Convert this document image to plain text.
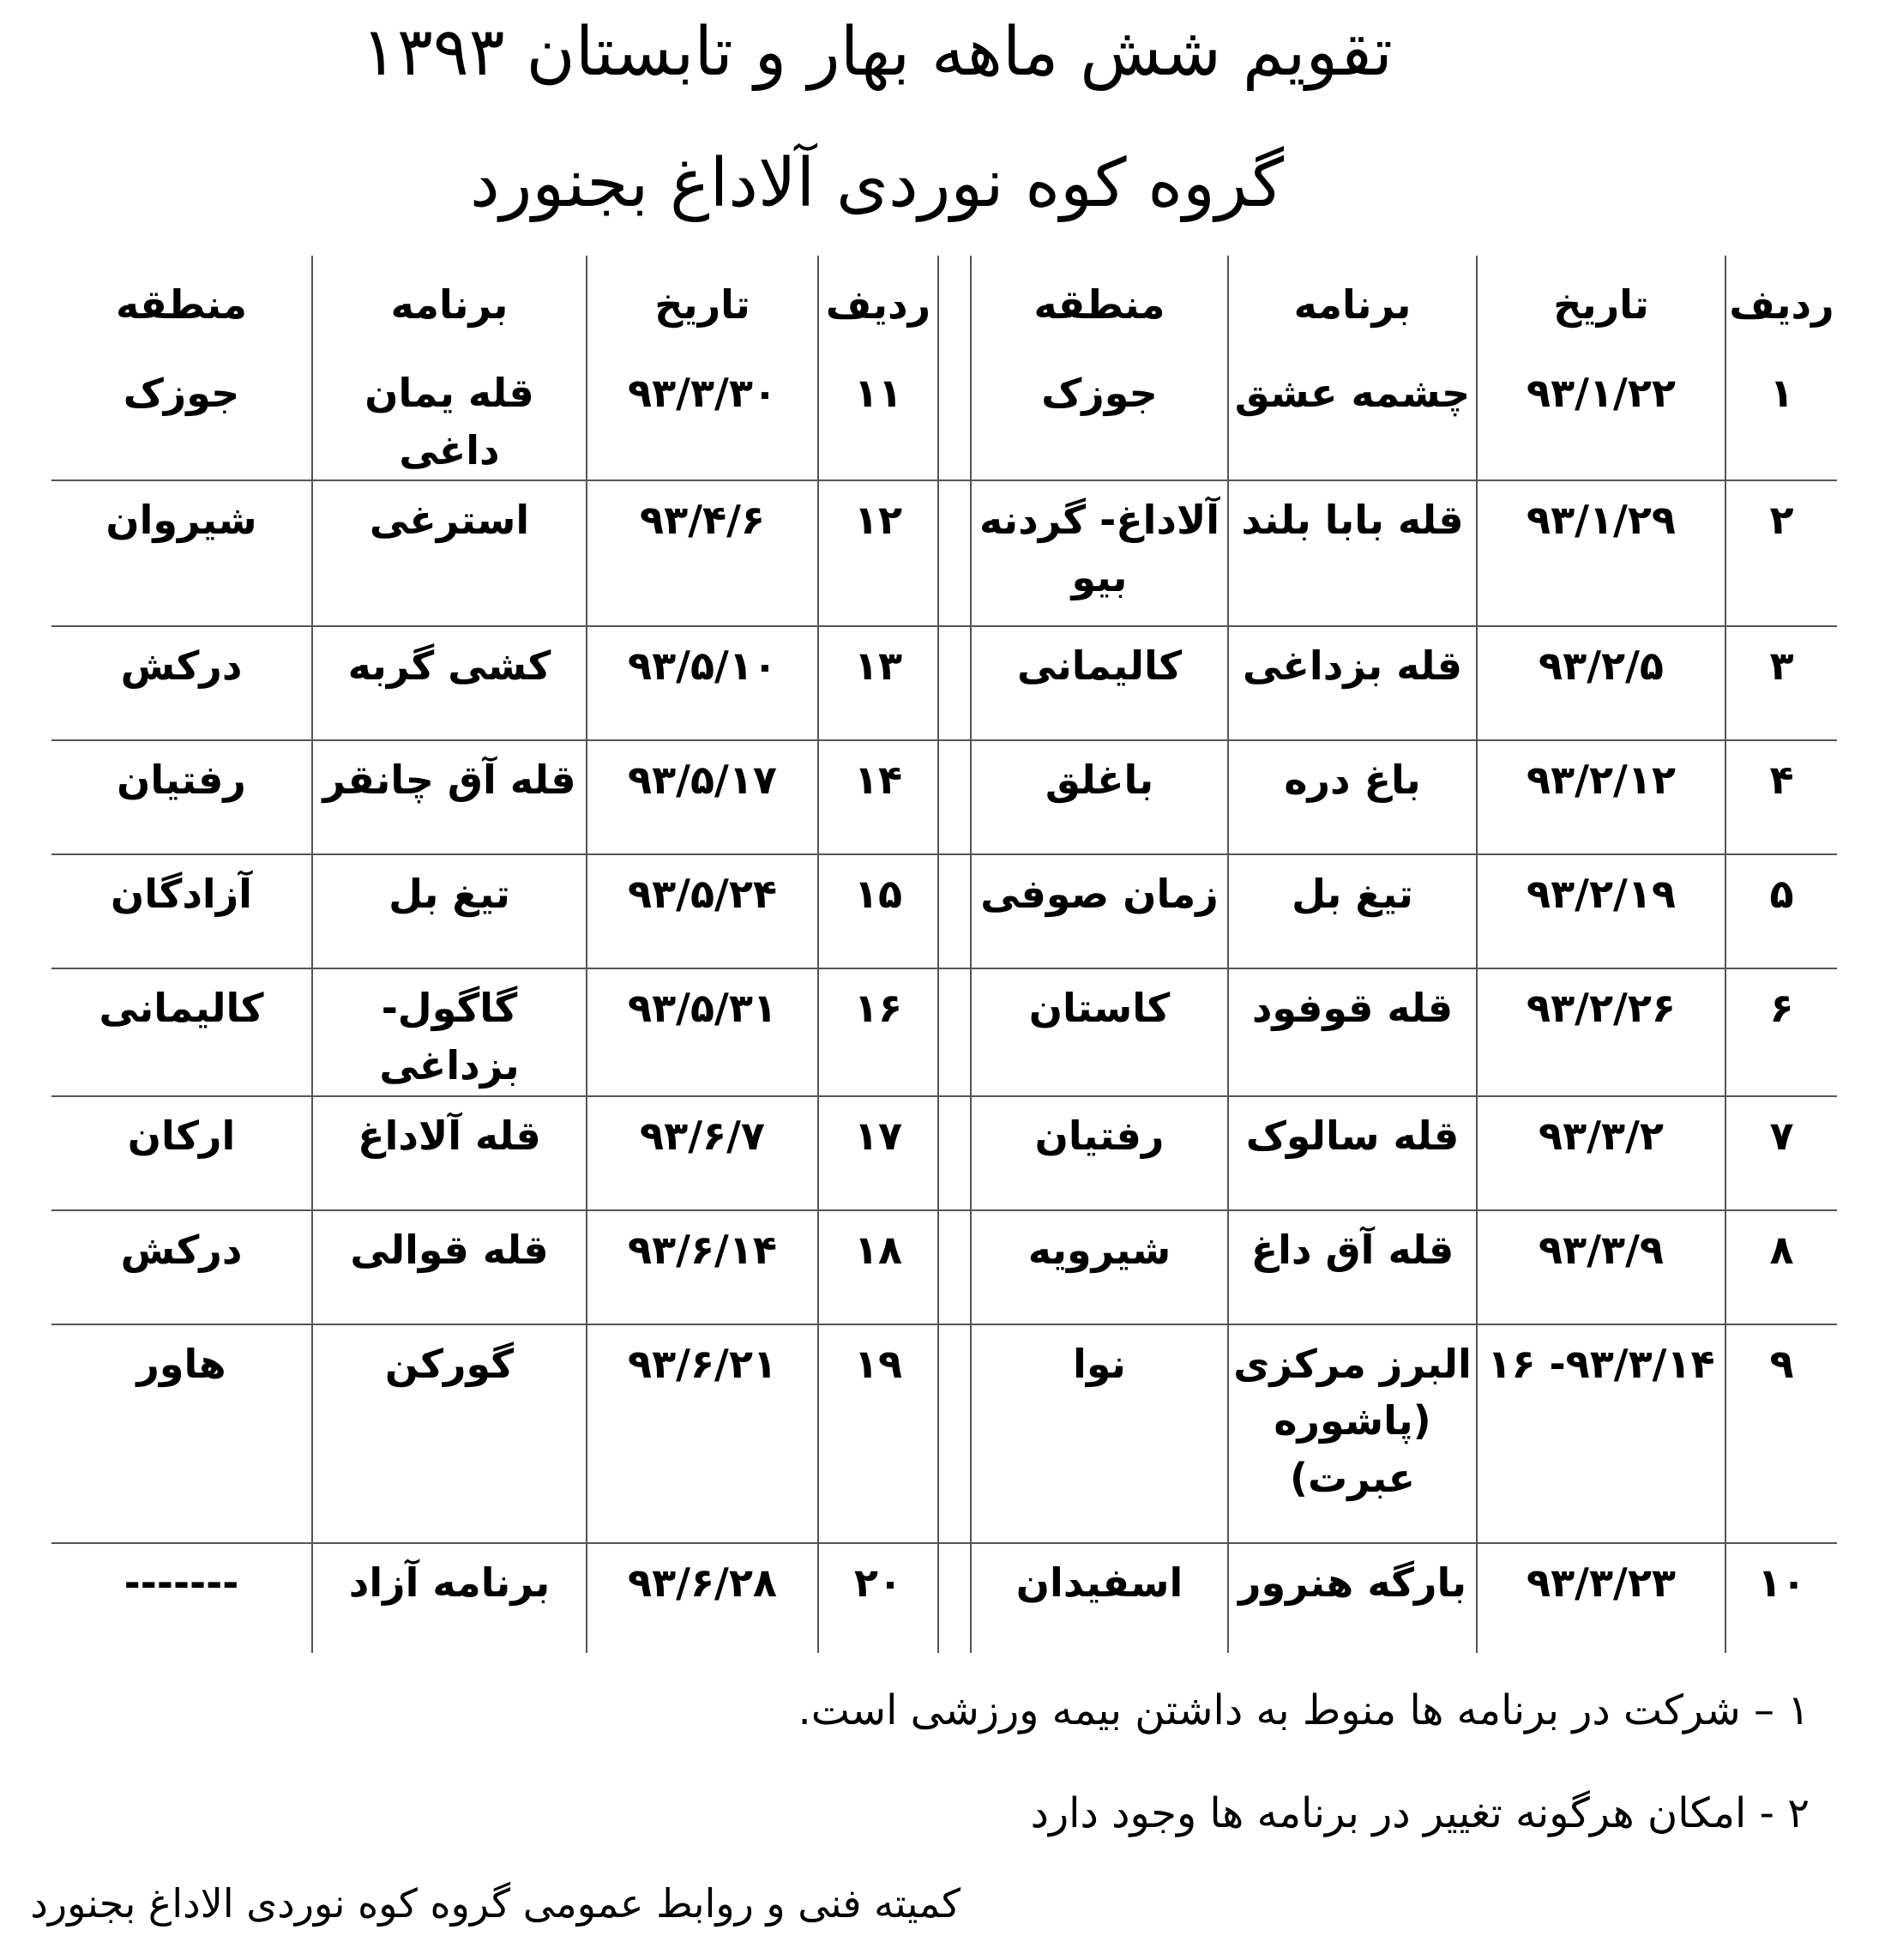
تقویم شش ماهه بهار و تابستان ۱۳۹۳
گروه کوه نوردی آلاداغ بجنورد
ردیف	تاریخ	برنامه	منطقه		ردیف	تاریخ	برنامه	منطقه
۱	۹۳/۱/۲۲	چشمه عشق	جوزک		۱۱	۹۳/۳/۳۰	قله یمان داغی	جوزک
۲	۹۳/۱/۲۹	قله بابا بلند	آلاداغ- گردنه بیو		۱۲	۹۳/۴/۶	استرغی	شیروان
۳	۹۳/۲/۵	قله بزداغی	کالیمانی		۱۳	۹۳/۵/۱۰	کشی گربه	درکش
۴	۹۳/۲/۱۲	باغ دره	باغلق		۱۴	۹۳/۵/۱۷	قله آق چانقر	رفتیان
۵	۹۳/۲/۱۹	تیغ بل	زمان صوفی		۱۵	۹۳/۵/۲۴	تیغ بل	آزادگان
۶	۹۳/۲/۲۶	قله قوفود	کاستان		۱۶	۹۳/۵/۳۱	گاگول- بزداغی	کالیمانی
۷	۹۳/۳/۲	قله سالوک	رفتیان		۱۷	۹۳/۶/۷	قله آلاداغ	ارکان
۸	۹۳/۳/۹	قله آق داغ	شیرویه		۱۸	۹۳/۶/۱۴	قله قوالی	درکش
۹	۹۳/۳/۱۴- ۱۶	البرز مرکزی (پاشوره عبرت)	نوا		۱۹	۹۳/۶/۲۱	گورکن	هاور
۱۰	۹۳/۳/۲۳	بارگه هنرور	اسفیدان		۲۰	۹۳/۶/۲۸	برنامه آزاد	-------
۱ – شرکت در برنامه ها منوط به داشتن بیمه ورزشی است.
۲ - امکان هرگونه تغییر در برنامه ها وجود دارد
کمیته فنی و روابط عمومی گروه کوه نوردی الاداغ بجنورد
